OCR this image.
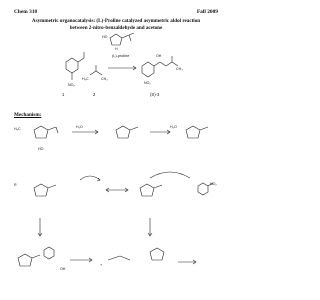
Chem 310	Fall 2009
Asymmetric organocatalysis: (L)-Proline catalyzed asymmetric aldol reaction
between 2-nitro-benzaldehyde and acetone
Mechanism:
HO
H
(L)-proline
NO₂
1
H₃C	CH₃
2
OH
CH₃
NO₂
(S)-3
H₂O
H₂O
H₃C
HO
NO₂
R
+
OH
